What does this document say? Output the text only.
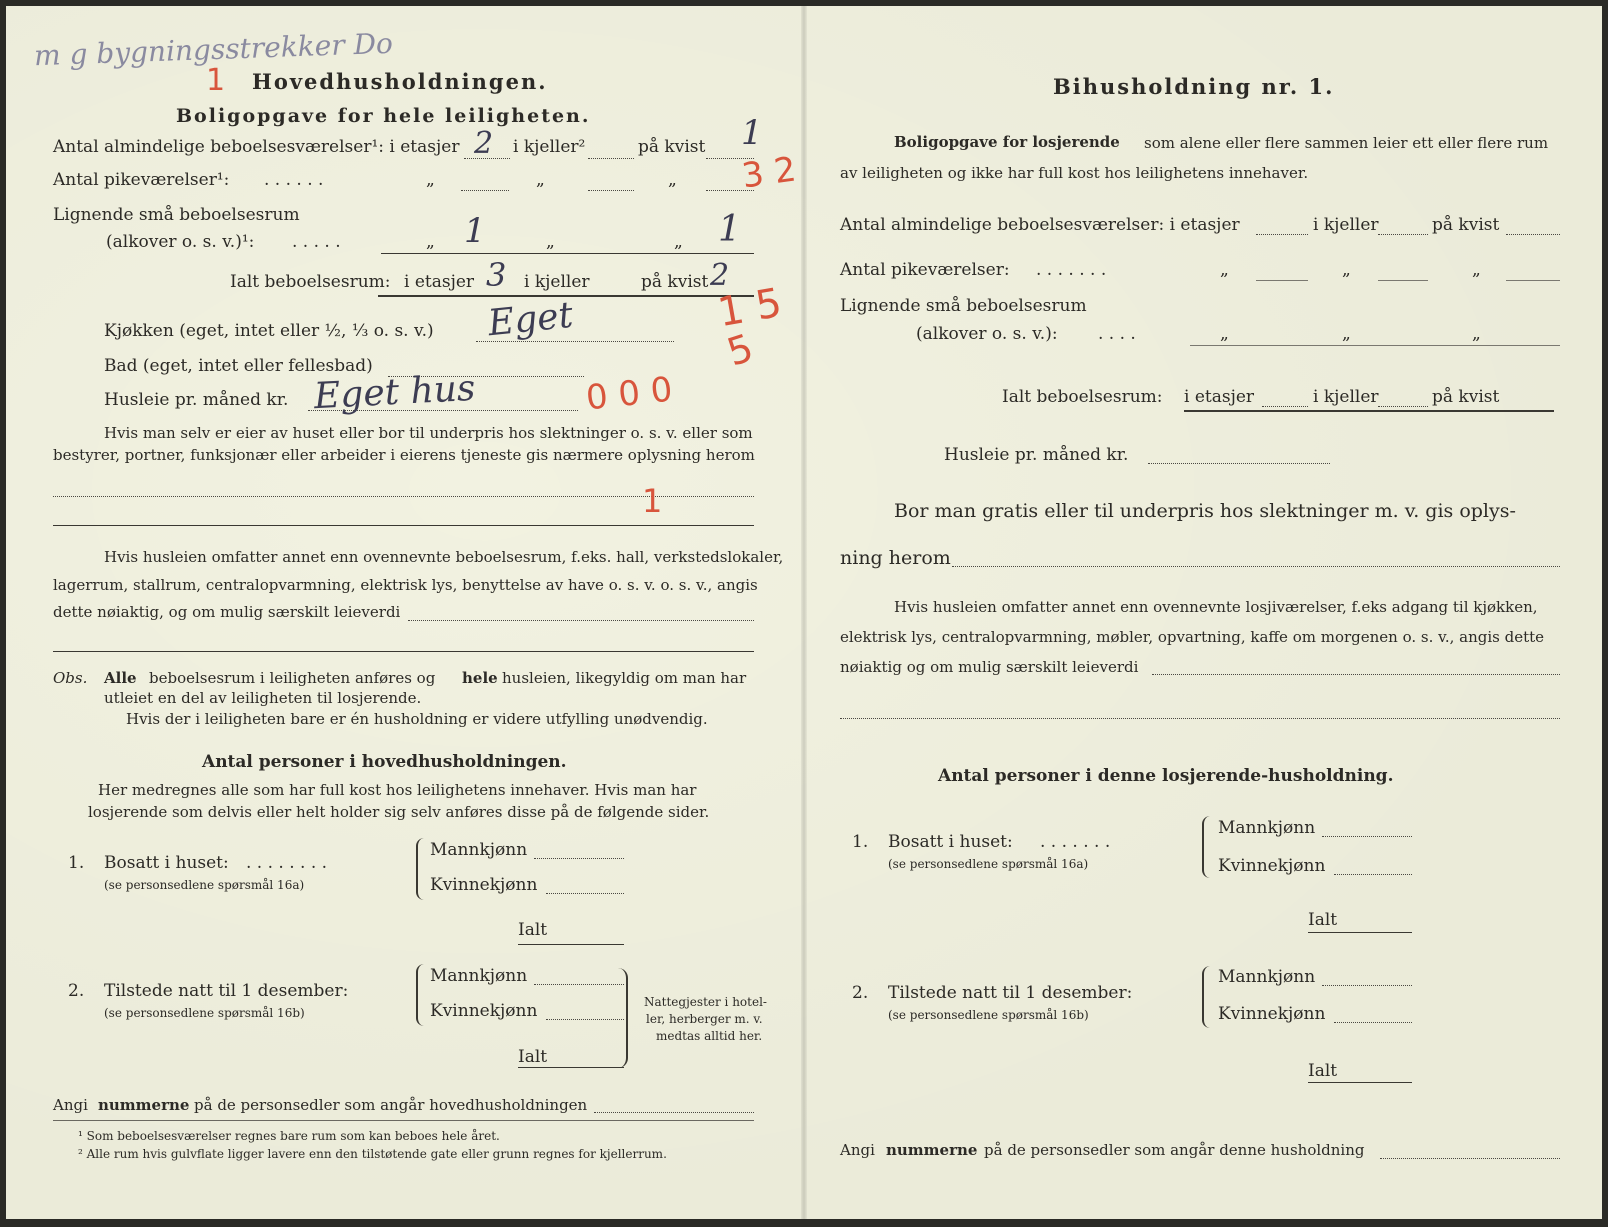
m g bygningsstrekker Do
1 Hovedhusholdningen.
Boligopgave for hele leiligheten.
Antal almindelige beboelsesværelser¹: i etasjer 2 i kjeller²	på kvist 1
Antal pikeværelser¹: . . . . . .	„	„	„ 3 2
Lignende små beboelsesrum
(alkover o. s. v.)¹: . . . . .	„ 1	„	„ 1
Ialt beboelsesrum: i etasjer 3 i kjeller	på kvist 2
1 5
Kjøkken (eget, intet eller ½, ⅓ o. s. v.) Eget
Bad (eget, intet eller fellesbad)
Husleie pr. måned kr. Eget hus	0 0 0
5
Hvis man selv er eier av huset eller bor til underpris hos slektninger o. s. v. eller som
bestyrer, portner, funksjonær eller arbeider i eierens tjeneste gis nærmere oplysning herom
1
Hvis husleien omfatter annet enn ovennevnte beboelsesrum, f.eks. hall, verkstedslokaler,
lagerrum, stallrum, centralopvarmning, elektrisk lys, benyttelse av have o. s. v. o. s. v., angis
dette nøiaktig, og om mulig særskilt leieverdi
Obs. Alle beboelsesrum i leiligheten anføres og hele husleien, likegyldig om man har
utleiet en del av leiligheten til losjerende.
Hvis der i leiligheten bare er én husholdning er videre utfylling unødvendig.
Antal personer i hovedhusholdningen.
Her medregnes alle som har full kost hos leilighetens innehaver. Hvis man har
losjerende som delvis eller helt holder sig selv anføres disse på de følgende sider.
1. Bosatt i huset: . . . . . . . .
(se personsedlene spørsmål 16a)
Mannkjønn
Kvinnekjønn
Ialt
2. Tilstede natt til 1 desember:
(se personsedlene spørsmål 16b)
Mannkjønn
Kvinnekjønn
Ialt
Nattegjester i hotel-
ler, herberger m. v.
medtas alltid her.
Angi nummerne på de personsedler som angår hovedhusholdningen
¹ Som beboelsesværelser regnes bare rum som kan beboes hele året.
² Alle rum hvis gulvflate ligger lavere enn den tilstøtende gate eller grunn regnes for kjellerrum.
Bihusholdning nr. 1.
Boligopgave for losjerende som alene eller flere sammen leier ett eller flere rum
av leiligheten og ikke har full kost hos leilighetens innehaver.
Antal almindelige beboelsesværelser: i etasjer	i kjeller	på kvist
Antal pikeværelser: . . . . . . .	„	„	„
Lignende små beboelsesrum
(alkover o. s. v.): . . . .	„	„	„
Ialt beboelsesrum: i etasjer	i kjeller	på kvist
Husleie pr. måned kr.
Bor man gratis eller til underpris hos slektninger m. v. gis oplys-
ning herom
Hvis husleien omfatter annet enn ovennevnte losjiværelser, f.eks adgang til kjøkken,
elektrisk lys, centralopvarmning, møbler, opvartning, kaffe om morgenen o. s. v., angis dette
nøiaktig og om mulig særskilt leieverdi
Antal personer i denne losjerende-husholdning.
1. Bosatt i huset: . . . . . . .
(se personsedlene spørsmål 16a)
Mannkjønn
Kvinnekjønn
Ialt
2. Tilstede natt til 1 desember:
(se personsedlene spørsmål 16b)
Mannkjønn
Kvinnekjønn
Ialt
Angi nummerne på de personsedler som angår denne husholdning
